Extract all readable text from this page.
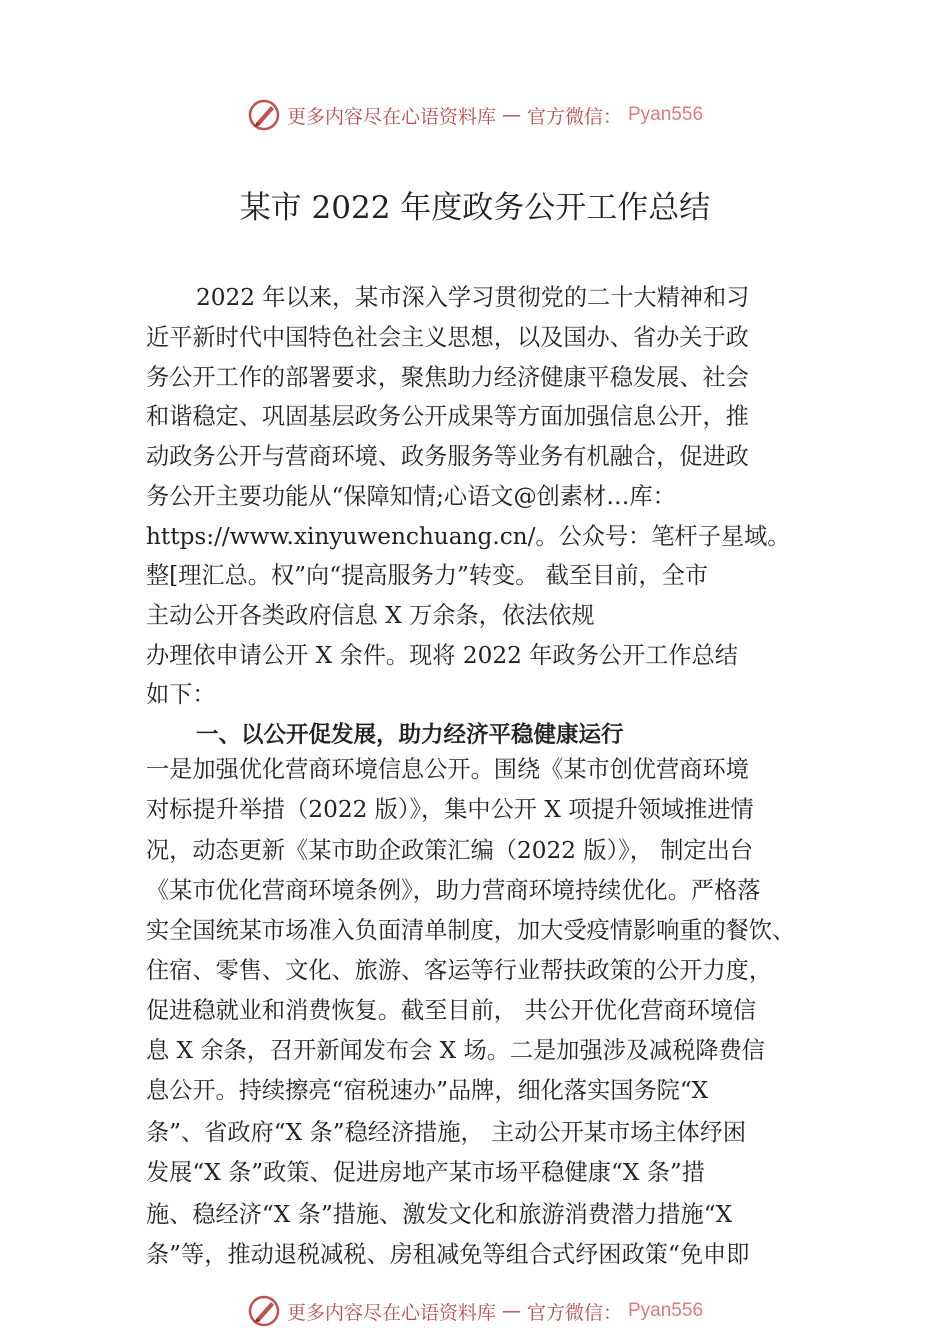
更多内容尽在心语资料库 — 官方微信： Pyan556
某市 2022 年度政务公开工作总结
2022 年以来，某市深入学习贯彻党的二十大精神和习
近平新时代中国特色社会主义思想，以及国办、省办关于政
务公开工作的部署要求，聚焦助力经济健康平稳发展、社会
和谐稳定、巩固基层政务公开成果等方面加强信息公开，推
动政务公开与营商环境、政务服务等业务有机融合，促进政
务公开主要功能从“保障知情;心语文@创素材…库：
https://www.xinyuwenchuang.cn/。公众号：笔杆子星域。
整[理汇总。权”向“提高服务力”转变。 截至目前，全市
主动公开各类政府信息 X 万余条，依法依规
办理依申请公开 X 余件。现将 2022 年政务公开工作总结
如下：
一、以公开促发展，助力经济平稳健康运行
一是加强优化营商环境信息公开。围绕《某市创优营商环境
对标提升举措（2022 版）》，集中公开 X 项提升领域推进情
况，动态更新《某市助企政策汇编（2022 版）》， 制定出台
《某市优化营商环境条例》，助力营商环境持续优化。严格落
实全国统某市场准入负面清单制度，加大受疫情影响重的餐饮、
住宿、零售、文化、旅游、客运等行业帮扶政策的公开力度，
促进稳就业和消费恢复。截至目前， 共公开优化营商环境信
息 X 余条，召开新闻发布会 X 场。二是加强涉及减税降费信
息公开。持续擦亮“宿税速办”品牌，细化落实国务院“X
条”、省政府“X 条”稳经济措施， 主动公开某市场主体纾困
发展“X 条”政策、促进房地产某市场平稳健康“X 条”措
施、稳经济“X 条”措施、激发文化和旅游消费潜力措施“X
条”等，推动退税减税、房租减免等组合式纾困政策“免申即
更多内容尽在心语资料库 — 官方微信： Pyan556
